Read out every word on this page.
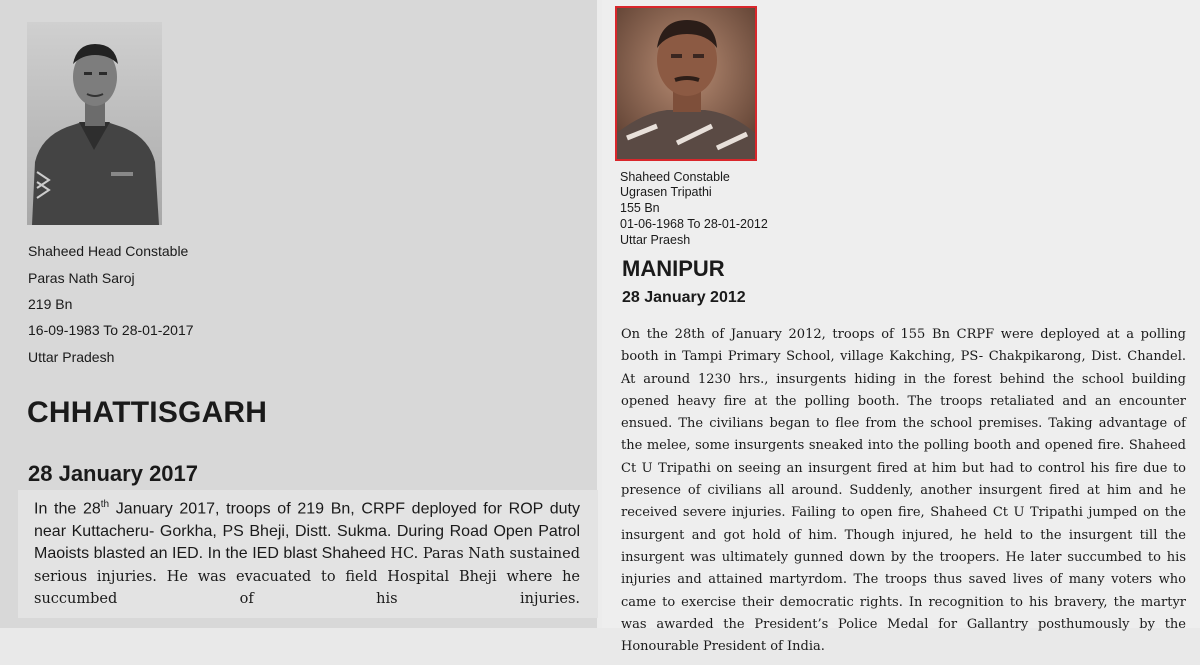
Shaheed Head Constable
Paras Nath Saroj
219 Bn
16-09-1983 To 28-01-2017
Uttar Pradesh
CHHATTISGARH
28 January 2017
In the 28th January 2017, troops of 219 Bn, CRPF deployed for ROP duty near Kuttacheru- Gorkha, PS Bheji, Distt. Sukma. During Road Open Patrol Maoists blasted an IED. In the IED blast Shaheed HC. Paras Nath sustained serious injuries. He was evacuated to field Hospital Bheji where he succumbed of his injuries.
Shaheed Constable
Ugrasen Tripathi
155 Bn
01-06-1968 To 28-01-2012
Uttar Praesh
MANIPUR
28 January 2012
On the 28th of January 2012, troops of 155 Bn CRPF were deployed at a polling booth in Tampi Primary School, village Kakching, PS- Chakpikarong, Dist. Chandel. At around 1230 hrs., insurgents hiding in the forest behind the school building opened heavy fire at the polling booth. The troops retaliated and an encounter ensued. The civilians began to flee from the school premises. Taking advantage of the melee, some insurgents sneaked into the polling booth and opened fire. Shaheed Ct U Tripathi on seeing an insurgent fired at him but had to control his fire due to presence of civilians all around. Suddenly, another insurgent fired at him and he received severe injuries. Failing to open fire, Shaheed Ct U Tripathi jumped on the insurgent and got hold of him. Though injured, he held to the insurgent till the insurgent was ultimately gunned down by the troopers. He later succumbed to his injuries and attained martyrdom. The troops thus saved lives of many voters who came to exercise their democratic rights. In recognition to his bravery, the martyr was awarded the President’s Police Medal for Gallantry posthumously by the Honourable President of India.
